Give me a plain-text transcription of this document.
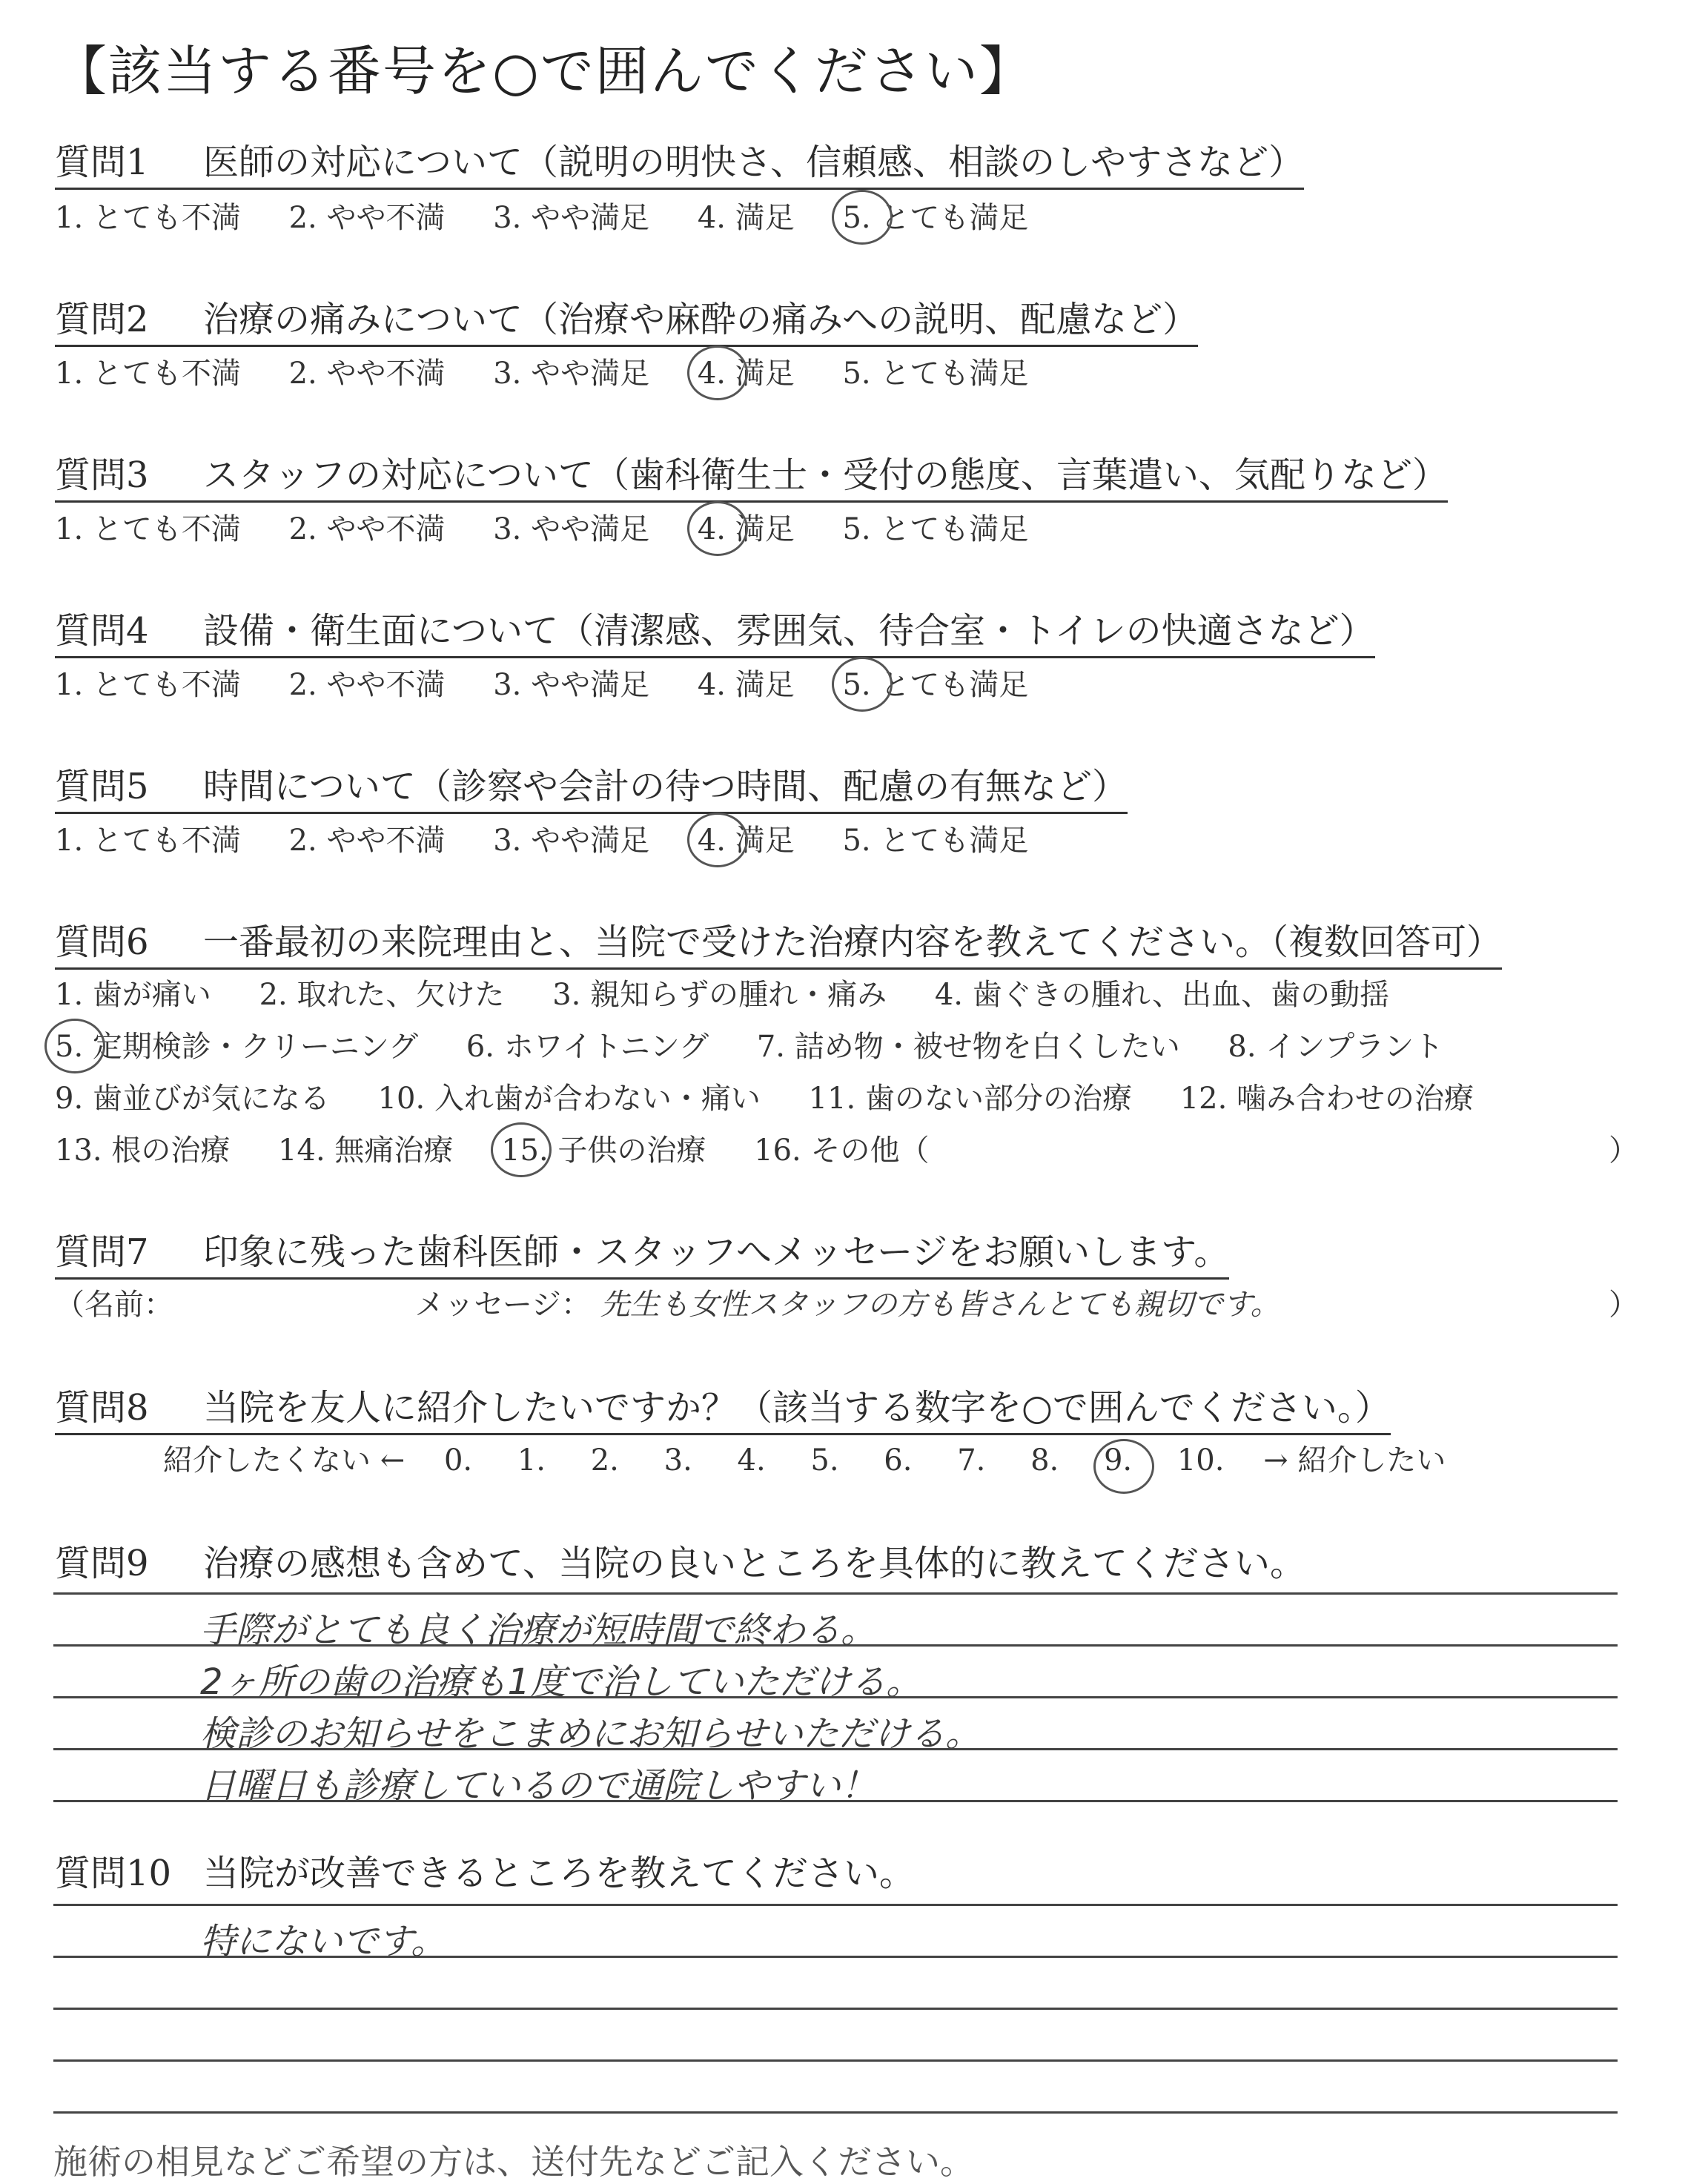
【該当する番号を○で囲んでください】
質問1 医師の対応について（説明の明快さ、信頼感、相談のしやすさなど）
1. とても不満 2. やや不満 3. やや満足 4. 満足 5. とても満足
質問2 治療の痛みについて（治療や麻酔の痛みへの説明、配慮など）
1. とても不満 2. やや不満 3. やや満足 4. 満足 5. とても満足
質問3 スタッフの対応について（歯科衛生士・受付の態度、言葉遣い、気配りなど）
1. とても不満 2. やや不満 3. やや満足 4. 満足 5. とても満足
質問4 設備・衛生面について（清潔感、雰囲気、待合室・トイレの快適さなど）
1. とても不満 2. やや不満 3. やや満足 4. 満足 5. とても満足
質問5 時間について（診察や会計の待つ時間、配慮の有無など）
1. とても不満 2. やや不満 3. やや満足 4. 満足 5. とても満足
質問6 一番最初の来院理由と、当院で受けた治療内容を教えてください。（複数回答可）
1. 歯が痛い 2. 取れた、欠けた 3. 親知らずの腫れ・痛み 4. 歯ぐきの腫れ、出血、歯の動揺
5. 定期検診・クリーニング 6. ホワイトニング 7. 詰め物・被せ物を白くしたい 8. インプラント
9. 歯並びが気になる 10. 入れ歯が合わない・痛い 11. 歯のない部分の治療 12. 噛み合わせの治療
13. 根の治療 14. 無痛治療 15. 子供の治療 16. その他（	）
質問7 印象に残った歯科医師・スタッフへメッセージをお願いします。
（名前：	メッセージ： 先生も女性スタッフの方も皆さんとても親切です。	）
質問8 当院を友人に紹介したいですか？（該当する数字を○で囲んでください。）
紹介したくない ← 0. 1. 2. 3. 4. 5. 6. 7. 8. 9. 10. → 紹介したい
質問9 治療の感想も含めて、当院の良いところを具体的に教えてください。
手際がとても良く治療が短時間で終わる。
2ヶ所の歯の治療も1度で治していただける。
検診のお知らせをこまめにお知らせいただける。
日曜日も診療しているので通院しやすい！
質問10 当院が改善できるところを教えてください。
特にないです。
施術の相見などご希望の方は、送付先などご記入ください。
